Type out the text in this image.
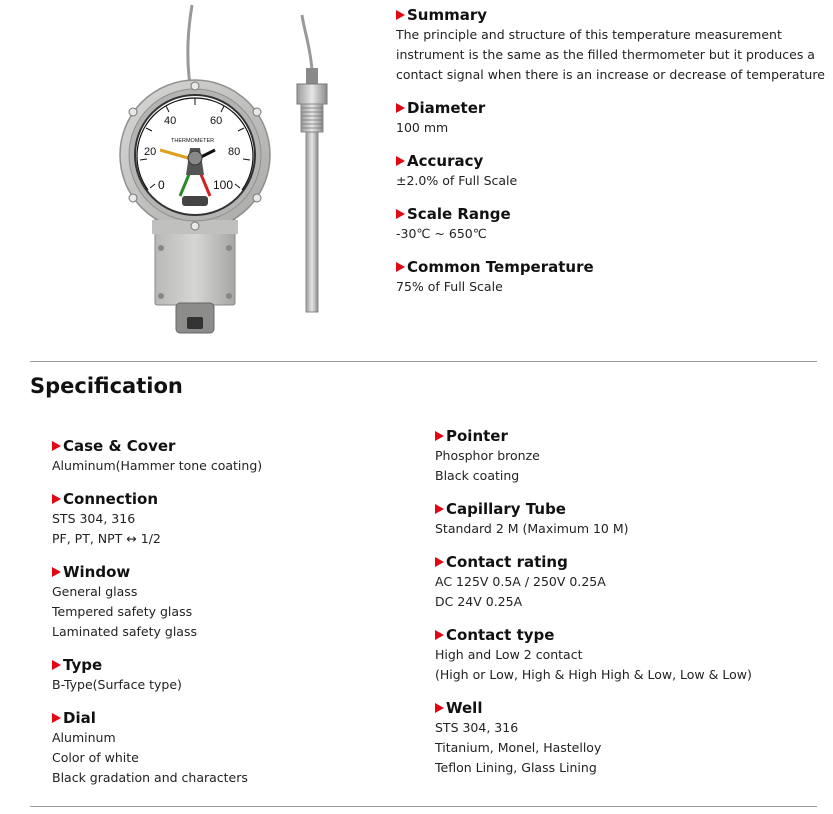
0
20
40	60
80
100
THERMOMETER
Summary
The principle and structure of this temperature measurement
instrument is the same as the filled thermometer but it produces a
contact signal when there is an increase or decrease of temperature
Diameter
100 mm
Accuracy
±2.0% of Full Scale
Scale Range
-30℃ ~ 650℃
Common Temperature
75% of Full Scale
Specification
Case & Cover
Aluminum(Hammer tone coating)
Connection
STS 304, 316
PF, PT, NPT ↔ 1/2
Window
General glass
Tempered safety glass
Laminated safety glass
Type
B-Type(Surface type)
Dial
Aluminum
Color of white
Black gradation and characters
Pointer
Phosphor bronze
Black coating
Capillary Tube
Standard 2 M (Maximum 10 M)
Contact rating
AC 125V 0.5A / 250V 0.25A
DC 24V 0.25A
Contact type
High and Low 2 contact
(High or Low, High & High High & Low, Low & Low)
Well
STS 304, 316
Titanium, Monel, Hastelloy
Teflon Lining, Glass Lining
